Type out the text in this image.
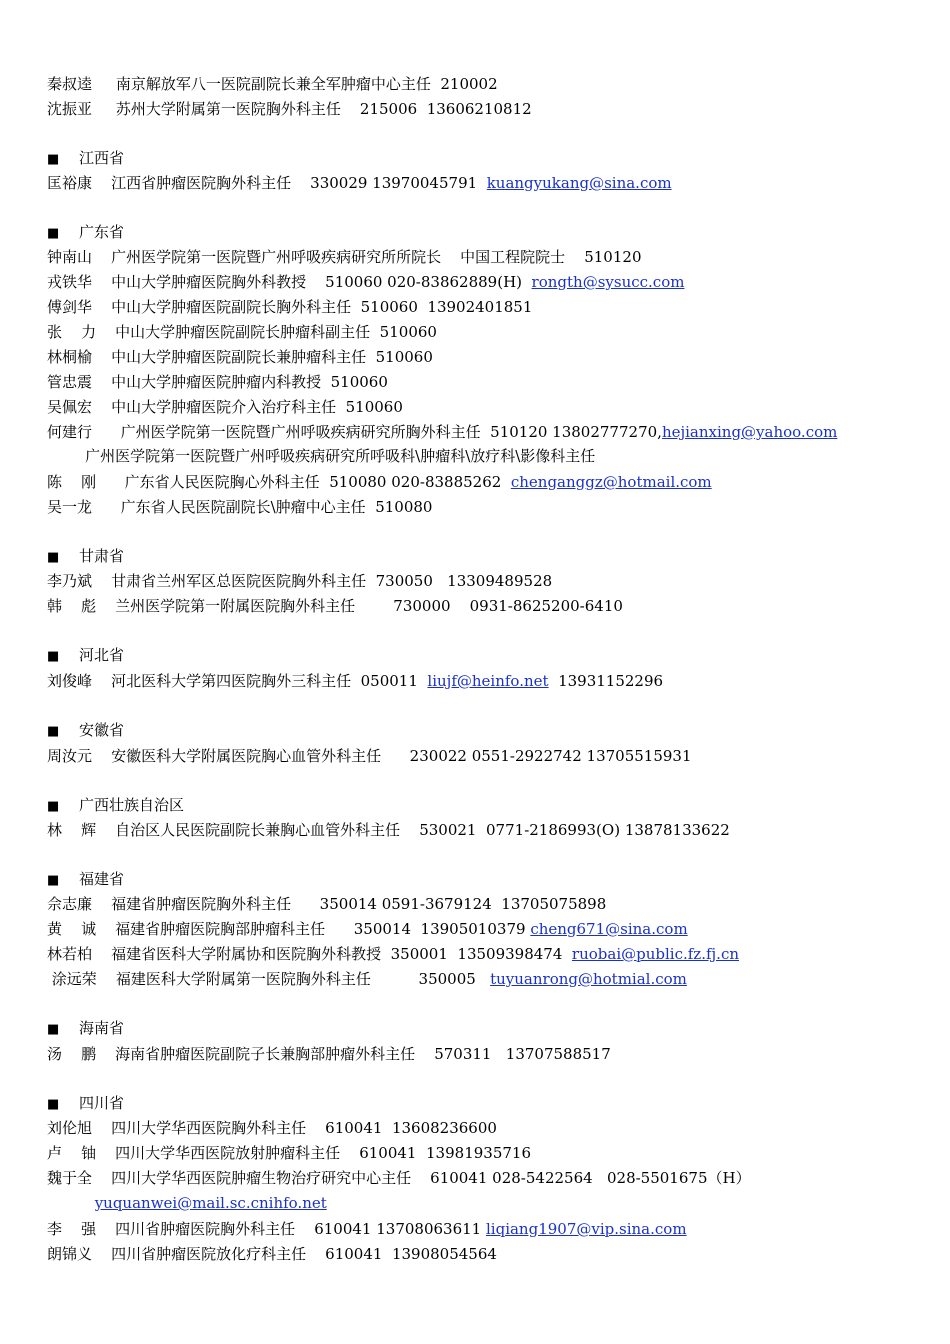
秦叔逵     南京解放军八一医院副院长兼全军肿瘤中心主任  210002
沈振亚     苏州大学附属第一医院胸外科主任    215006  13606210812
■ 江西省
匡裕康    江西省肿瘤医院胸外科主任    330029 13970045791  kuangyukang@sina.com
■ 广东省
钟南山    广州医学院第一医院暨广州呼吸疾病研究所所院长    中国工程院院士    510120
戎铁华    中山大学肿瘤医院胸外科教授    510060 020-83862889(H)  rongth@sysucc.com
傅剑华    中山大学肿瘤医院副院长胸外科主任  510060  13902401851
张    力    中山大学肿瘤医院副院长肿瘤科副主任  510060
林桐榆    中山大学肿瘤医院副院长兼肿瘤科主任  510060
管忠震    中山大学肿瘤医院肿瘤内科教授  510060
吴佩宏    中山大学肿瘤医院介入治疗科主任  510060
何建行      广州医学院第一医院暨广州呼吸疾病研究所胸外科主任  510120 13802777270,hejianxing@yahoo.com
广州医学院第一医院暨广州呼吸疾病研究所呼吸科\肿瘤科\放疗科\影像科主任
陈    刚      广东省人民医院胸心外科主任  510080 020-83885262  chenganggz@hotmail.com
吴一龙      广东省人民医院副院长\肿瘤中心主任  510080
■ 甘肃省
李乃斌    甘肃省兰州军区总医院医院胸外科主任  730050   13309489528
韩    彪    兰州医学院第一附属医院胸外科主任        730000    0931-8625200-6410
■ 河北省
刘俊峰    河北医科大学第四医院胸外三科主任  050011  liujf@heinfo.net  13931152296
■ 安徽省
周汝元    安徽医科大学附属医院胸心血管外科主任      230022 0551-2922742 13705515931
■ 广西壮族自治区
林    辉    自治区人民医院副院长兼胸心血管外科主任    530021  0771-2186993(O) 13878133622
■ 福建省
佘志廉    福建省肿瘤医院胸外科主任      350014 0591-3679124  13705075898
黄    诚    福建省肿瘤医院胸部肿瘤科主任      350014  13905010379 cheng671@sina.com
林若柏    福建省医科大学附属协和医院胸外科教授  350001  13509398474  ruobai@public.fz.fj.cn
涂远荣    福建医科大学附属第一医院胸外科主任          350005   tuyuanrong@hotmial.com
■ 海南省
汤    鹏    海南省肿瘤医院副院子长兼胸部肿瘤外科主任    570311   13707588517
■ 四川省
刘伦旭    四川大学华西医院胸外科主任    610041  13608236600
卢    铀    四川大学华西医院放射肿瘤科主任    610041  13981935716
魏于全    四川大学华西医院肿瘤生物治疗研究中心主任    610041 028-5422564   028-5501675（H）
yuquanwei@mail.sc.cnihfo.net
李    强    四川省肿瘤医院胸外科主任    610041 13708063611 liqiang1907@vip.sina.com
朗锦义    四川省肿瘤医院放化疗科主任    610041  13908054564
